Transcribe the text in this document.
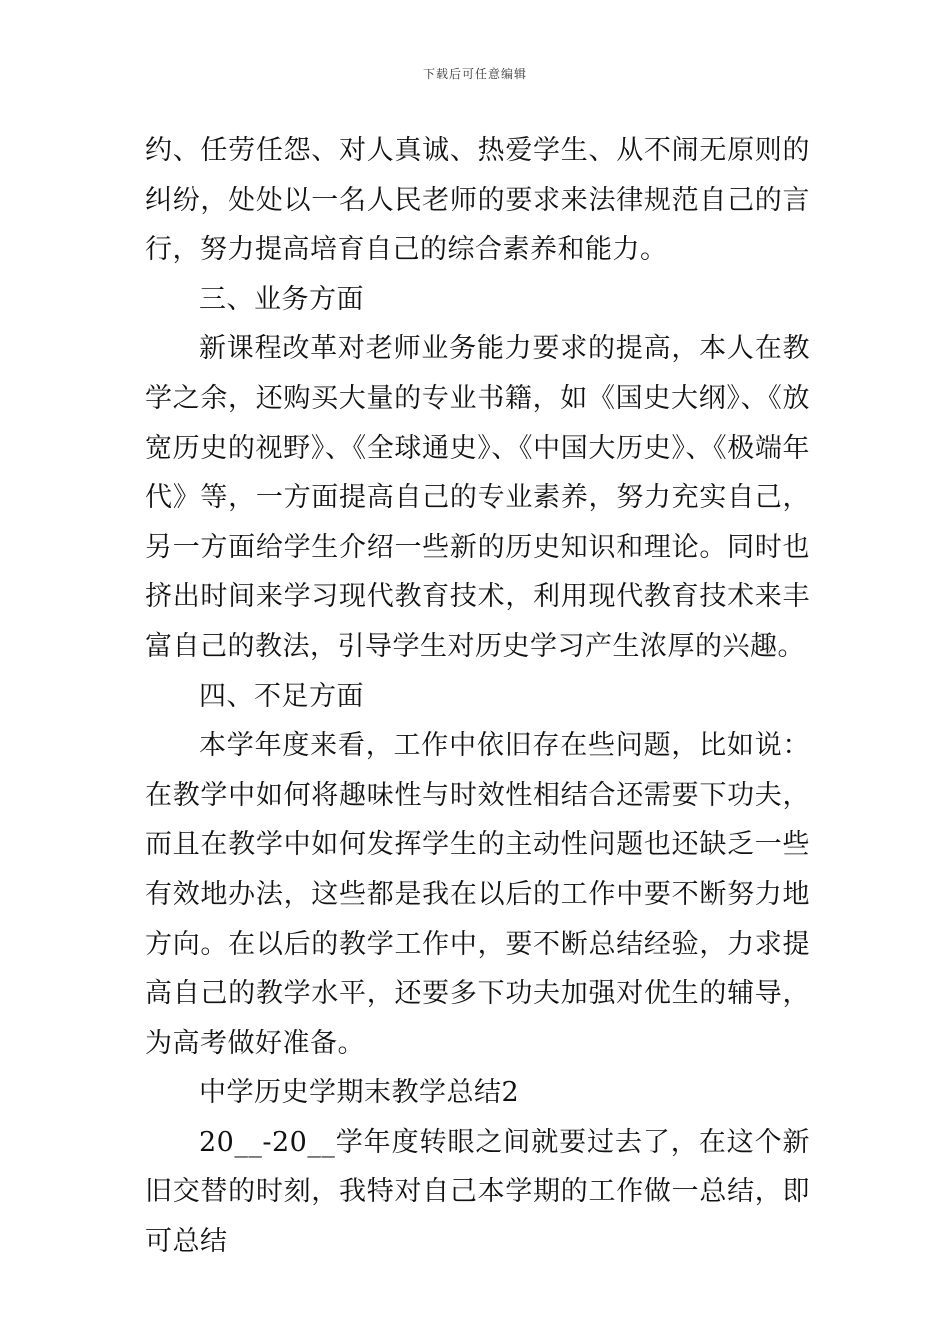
下载后可任意编辑

约、任劳任怨、对人真诚、热爱学生、从不闹无原则的纠纷，处处以一名人民老师的要求来法律规范自己的言行，努力提高培育自己的综合素养和能力。

三、业务方面

新课程改革对老师业务能力要求的提高，本人在教学之余，还购买大量的专业书籍，如《国史大纲》、《放宽历史的视野》、《全球通史》、《中国大历史》、《极端年代》等，一方面提高自己的专业素养，努力充实自己，另一方面给学生介绍一些新的历史知识和理论。同时也挤出时间来学习现代教育技术，利用现代教育技术来丰富自己的教法，引导学生对历史学习产生浓厚的兴趣。

四、不足方面

本学年度来看，工作中依旧存在些问题，比如说：在教学中如何将趣味性与时效性相结合还需要下功夫，而且在教学中如何发挥学生的主动性问题也还缺乏一些有效地办法，这些都是我在以后的工作中要不断努力地方向。在以后的教学工作中，要不断总结经验，力求提高自己的教学水平，还要多下功夫加强对优生的辅导，为高考做好准备。

中学历史学期末教学总结2

20__-20__学年度转眼之间就要过去了，在这个新旧交替的时刻，我特对自己本学期的工作做一总结，即可总结
